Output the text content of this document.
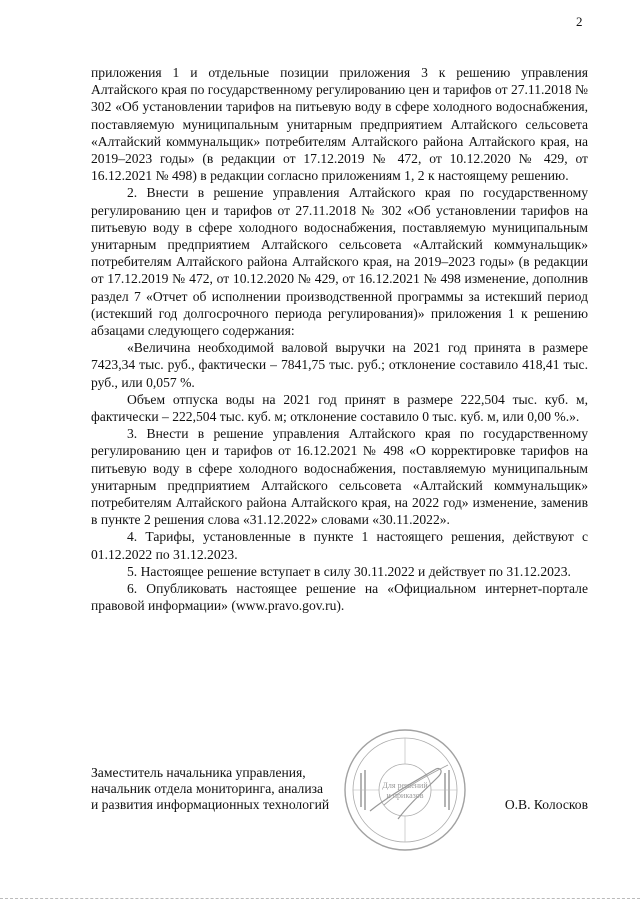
2

приложения 1 и отдельные позиции приложения 3 к решению управления Алтайского края по государственному регулированию цен и тарифов от 27.11.2018 № 302 «Об установлении тарифов на питьевую воду в сфере холодного водоснабжения, поставляемую муниципальным унитарным предприятием Алтайского сельсовета «Алтайский коммунальщик» потребителям Алтайского района Алтайского края, на 2019–2023 годы» (в редакции от 17.12.2019 № 472, от 10.12.2020 № 429, от 16.12.2021 № 498) в редакции согласно приложениям 1, 2 к настоящему решению.

2. Внести в решение управления Алтайского края по государственному регулированию цен и тарифов от 27.11.2018 № 302 «Об установлении тарифов на питьевую воду в сфере холодного водоснабжения, поставляемую муниципальным унитарным предприятием Алтайского сельсовета «Алтайский коммунальщик» потребителям Алтайского района Алтайского края, на 2019–2023 годы» (в редакции от 17.12.2019 № 472, от 10.12.2020 № 429, от 16.12.2021 № 498 изменение, дополнив раздел 7 «Отчет об исполнении производственной программы за истекший период (истекший год долгосрочного периода регулирования)» приложения 1 к решению абзацами следующего содержания:

«Величина необходимой валовой выручки на 2021 год принята в размере 7423,34 тыс. руб., фактически – 7841,75 тыс. руб.; отклонение составило 418,41 тыс. руб., или 0,057 %.

Объем отпуска воды на 2021 год принят в размере 222,504 тыс. куб. м, фактически – 222,504 тыс. куб. м; отклонение составило 0 тыс. куб. м, или 0,00 %.».

3. Внести в решение управления Алтайского края по государственному регулированию цен и тарифов от 16.12.2021 № 498 «О корректировке тарифов на питьевую воду в сфере холодного водоснабжения, поставляемую муниципальным унитарным предприятием Алтайского сельсовета «Алтайский коммунальщик» потребителям Алтайского района Алтайского края, на 2022 год» изменение, заменив в пункте 2 решения слова «31.12.2022» словами «30.11.2022».

4. Тарифы, установленные в пункте 1 настоящего решения, действуют с 01.12.2022 по 31.12.2023.

5. Настоящее решение вступает в силу 30.11.2022 и действует по 31.12.2023.

6. Опубликовать настоящее решение на «Официальном интернет-портале правовой информации» (www.pravo.gov.ru).

Заместитель начальника управления,
начальник отдела мониторинга, анализа
и развития информационных технологий	О.В. Колосков
Для решений
и приказов
